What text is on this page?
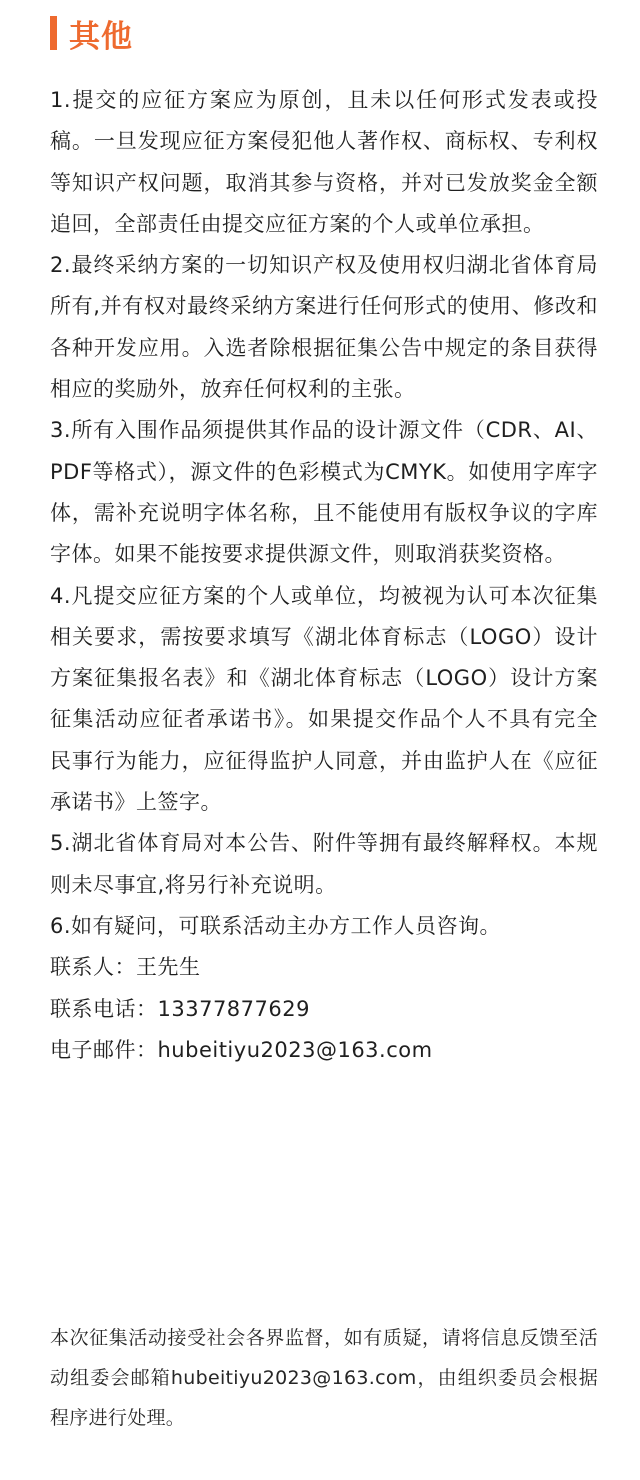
其他

1.提交的应征方案应为原创，且未以任何形式发表或投稿。一旦发现应征方案侵犯他人著作权、商标权、专利权等知识产权问题，取消其参与资格，并对已发放奖金全额追回，全部责任由提交应征方案的个人或单位承担。

2.最终采纳方案的一切知识产权及使用权归湖北省体育局所有,并有权对最终采纳方案进行任何形式的使用、修改和各种开发应用。入选者除根据征集公告中规定的条目获得相应的奖励外，放弃任何权利的主张。

3.所有入围作品须提供其作品的设计源文件（CDR、AI、PDF等格式），源文件的色彩模式为CMYK。如使用字库字体，需补充说明字体名称，且不能使用有版权争议的字库字体。如果不能按要求提供源文件，则取消获奖资格。

4.凡提交应征方案的个人或单位，均被视为认可本次征集相关要求，需按要求填写《湖北体育标志（LOGO）设计方案征集报名表》和《湖北体育标志（LOGO）设计方案征集活动应征者承诺书》。如果提交作品个人不具有完全民事行为能力，应征得监护人同意，并由监护人在《应征承诺书》上签字。

5.湖北省体育局对本公告、附件等拥有最终解释权。本规则未尽事宜,将另行补充说明。

6.如有疑问，可联系活动主办方工作人员咨询。

联系人：王先生

联系电话：13377877629

电子邮件：hubeitiyu2023@163.com

本次征集活动接受社会各界监督，如有质疑，请将信息反馈至活动组委会邮箱hubeitiyu2023@163.com，由组织委员会根据程序进行处理。
